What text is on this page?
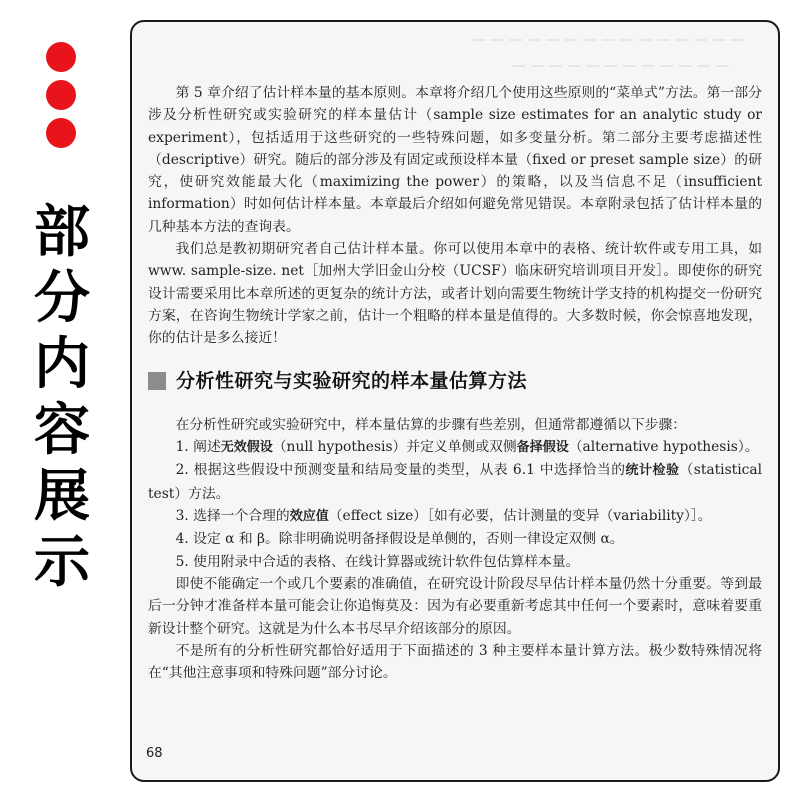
部
分
内
容
展
示
— — — — — — — — — — — — — — —
— — — — — — — — — — — —

第 5 章介绍了估计样本量的基本原则。本章将介绍几个使用这些原则的“菜单式”方法。第一部分涉及分析性研究或实验研究的样本量估计（sample size estimates for an analytic study or experiment），包括适用于这些研究的一些特殊问题，如多变量分析。第二部分主要考虑描述性（descriptive）研究。随后的部分涉及有固定或预设样本量（fixed or preset sample size）的研究，使研究效能最大化（maximizing the power）的策略，以及当信息不足（insufficient information）时如何估计样本量。本章最后介绍如何避免常见错误。本章附录包括了估计样本量的几种基本方法的查询表。

我们总是教初期研究者自己估计样本量。你可以使用本章中的表格、统计软件或专用工具，如 www. sample-size. net［加州大学旧金山分校（UCSF）临床研究培训项目开发］。即使你的研究设计需要采用比本章所述的更复杂的统计方法，或者计划向需要生物统计学支持的机构提交一份研究方案，在咨询生物统计学家之前，估计一个粗略的样本量是值得的。大多数时候，你会惊喜地发现，你的估计是多么接近！

分析性研究与实验研究的样本量估算方法

在分析性研究或实验研究中，样本量估算的步骤有些差别，但通常都遵循以下步骤：

1. 阐述无效假设（null hypothesis）并定义单侧或双侧备择假设（alternative hypothesis）。

2. 根据这些假设中预测变量和结局变量的类型，从表 6.1 中选择恰当的统计检验（statistical test）方法。

3. 选择一个合理的效应值（effect size）［如有必要，估计测量的变异（variability）］。

4. 设定 α 和 β。除非明确说明备择假设是单侧的，否则一律设定双侧 α。

5. 使用附录中合适的表格、在线计算器或统计软件包估算样本量。

即使不能确定一个或几个要素的准确值，在研究设计阶段尽早估计样本量仍然十分重要。等到最后一分钟才准备样本量可能会让你追悔莫及：因为有必要重新考虑其中任何一个要素时，意味着要重新设计整个研究。这就是为什么本书尽早介绍该部分的原因。

不是所有的分析性研究都恰好适用于下面描述的 3 种主要样本量计算方法。极少数特殊情况将在“其他注意事项和特殊问题”部分讨论。

68
